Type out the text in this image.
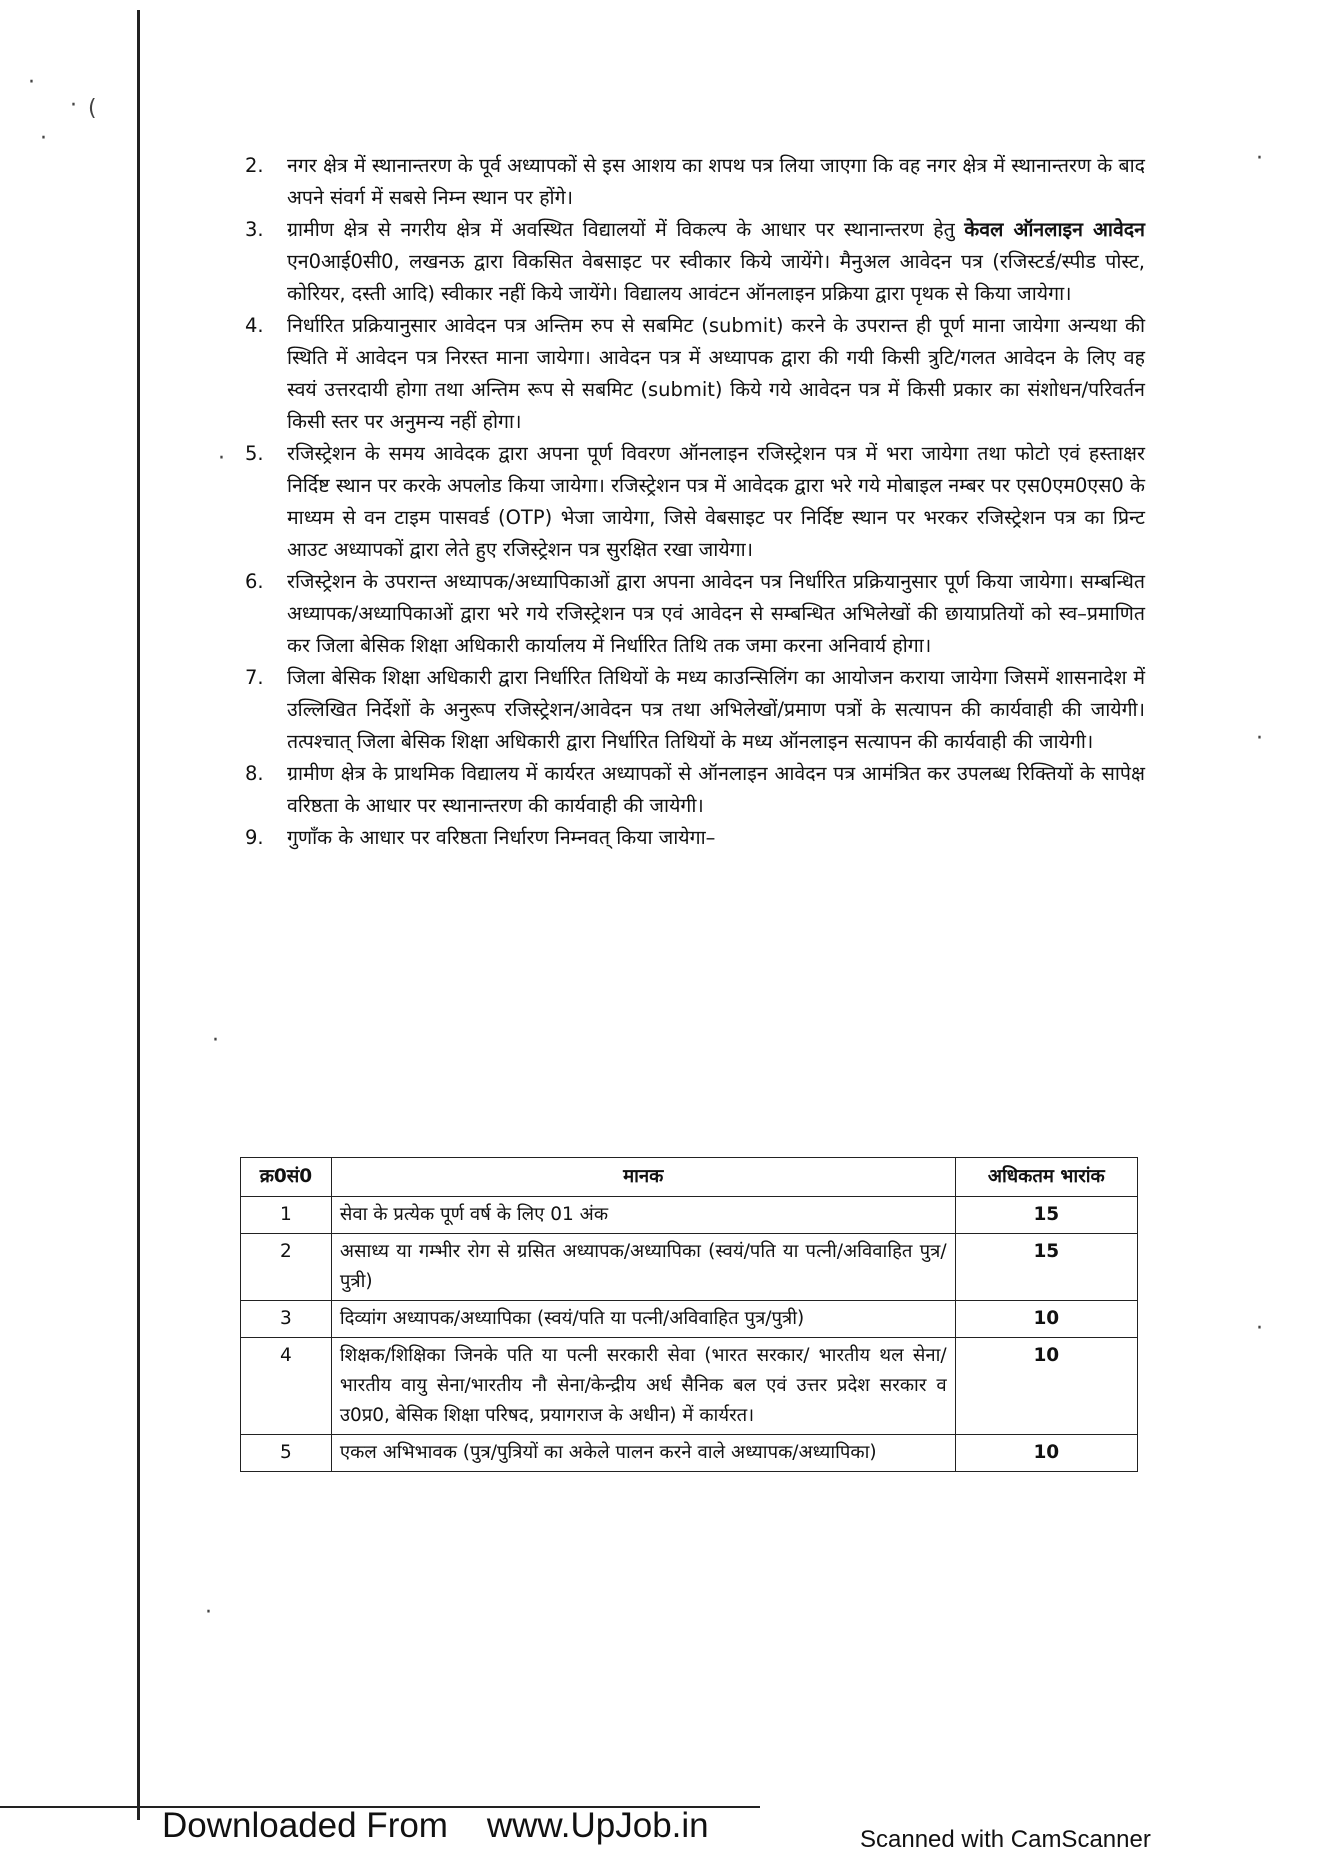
·
· (
·
·
·
·
·
·
·
2. नगर क्षेत्र में स्थानान्तरण के पूर्व अध्यापकों से इस आशय का शपथ पत्र लिया जाएगा कि वह नगर क्षेत्र में स्थानान्तरण के बाद अपने संवर्ग में सबसे निम्न स्थान पर होंगे।
3. ग्रामीण क्षेत्र से नगरीय क्षेत्र में अवस्थित विद्यालयों में विकल्प के आधार पर स्थानान्तरण हेतु केवल ऑनलाइन आवेदन एन0आई0सी0, लखनऊ द्वारा विकसित वेबसाइट पर स्वीकार किये जायेंगे। मैनुअल आवेदन पत्र (रजिस्टर्ड/स्पीड पोस्ट, कोरियर, दस्ती आदि) स्वीकार नहीं किये जायेंगे। विद्यालय आवंटन ऑनलाइन प्रक्रिया द्वारा पृथक से किया जायेगा।
4. निर्धारित प्रक्रियानुसार आवेदन पत्र अन्तिम रुप से सबमिट (submit) करने के उपरान्त ही पूर्ण माना जायेगा अन्यथा की स्थिति में आवेदन पत्र निरस्त माना जायेगा। आवेदन पत्र में अध्यापक द्वारा की गयी किसी त्रुटि/गलत आवेदन के लिए वह स्वयं उत्तरदायी होगा तथा अन्तिम रूप से सबमिट (submit) किये गये आवेदन पत्र में किसी प्रकार का संशोधन/परिवर्तन किसी स्तर पर अनुमन्य नहीं होगा।
5. रजिस्ट्रेशन के समय आवेदक द्वारा अपना पूर्ण विवरण ऑनलाइन रजिस्ट्रेशन पत्र में भरा जायेगा तथा फोटो एवं हस्ताक्षर निर्दिष्ट स्थान पर करके अपलोड किया जायेगा। रजिस्ट्रेशन पत्र में आवेदक द्वारा भरे गये मोबाइल नम्बर पर एस0एम0एस0 के माध्यम से वन टाइम पासवर्ड (OTP) भेजा जायेगा, जिसे वेबसाइट पर निर्दिष्ट स्थान पर भरकर रजिस्ट्रेशन पत्र का प्रिन्ट आउट अध्यापकों द्वारा लेते हुए रजिस्ट्रेशन पत्र सुरक्षित रखा जायेगा।
6. रजिस्ट्रेशन के उपरान्त अध्यापक/अध्यापिकाओं द्वारा अपना आवेदन पत्र निर्धारित प्रक्रियानुसार पूर्ण किया जायेगा। सम्बन्धित अध्यापक/अध्यापिकाओं द्वारा भरे गये रजिस्ट्रेशन पत्र एवं आवेदन से सम्बन्धित अभिलेखों की छायाप्रतियों को स्व–प्रमाणित कर जिला बेसिक शिक्षा अधिकारी कार्यालय में निर्धारित तिथि तक जमा करना अनिवार्य होगा।
7. जिला बेसिक शिक्षा अधिकारी द्वारा निर्धारित तिथियों के मध्य काउन्सिलिंग का आयोजन कराया जायेगा जिसमें शासनादेश में उल्लिखित निर्देशों के अनुरूप रजिस्ट्रेशन/आवेदन पत्र तथा अभिलेखों/प्रमाण पत्रों के सत्यापन की कार्यवाही की जायेगी। तत्पश्चात् जिला बेसिक शिक्षा अधिकारी द्वारा निर्धारित तिथियों के मध्य ऑनलाइन सत्यापन की कार्यवाही की जायेगी।
8. ग्रामीण क्षेत्र के प्राथमिक विद्यालय में कार्यरत अध्यापकों से ऑनलाइन आवेदन पत्र आमंत्रित कर उपलब्ध रिक्तियों के सापेक्ष वरिष्ठता के आधार पर स्थानान्तरण की कार्यवाही की जायेगी।
9. गुणाँक के आधार पर वरिष्ठता निर्धारण निम्नवत् किया जायेगा–
क्र0सं0	मानक	अधिकतम भारांक
1	सेवा के प्रत्येक पूर्ण वर्ष के लिए 01 अंक	15
2	असाध्य या गम्भीर रोग से ग्रसित अध्यापक/अध्यापिका (स्वयं/पति या पत्नी/अविवाहित पुत्र/पुत्री)	15
3	दिव्यांग अध्यापक/अध्यापिका (स्वयं/पति या पत्नी/अविवाहित पुत्र/पुत्री)	10
4	शिक्षक/शिक्षिका जिनके पति या पत्नी सरकारी सेवा (भारत सरकार/ भारतीय थल सेना/भारतीय वायु सेना/भारतीय नौ सेना/केन्द्रीय अर्ध सैनिक बल एवं उत्तर प्रदेश सरकार व उ0प्र0, बेसिक शिक्षा परिषद, प्रयागराज के अधीन) में कार्यरत।	10
5	एकल अभिभावक (पुत्र/पुत्रियों का अकेले पालन करने वाले अध्यापक/अध्यापिका)	10
Downloaded From    www.UpJob.in	Scanned with CamScanner
